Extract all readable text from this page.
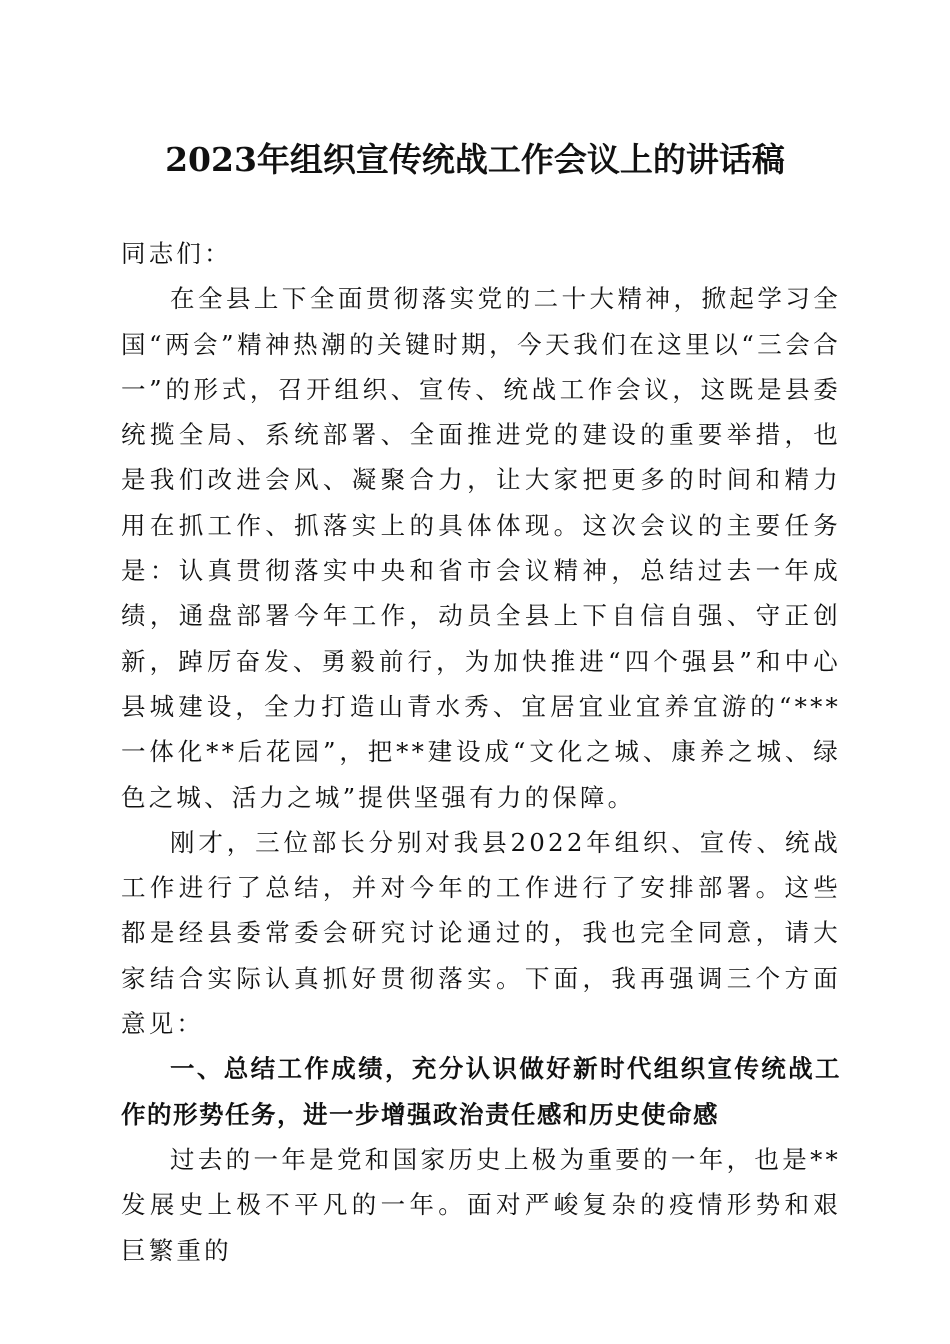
2023年组织宣传统战工作会议上的讲话稿

同志们：

在全县上下全面贯彻落实党的二十大精神，掀起学习全国“两会”精神热潮的关键时期，今天我们在这里以“三会合一”的形式，召开组织、宣传、统战工作会议，这既是县委统揽全局、系统部署、全面推进党的建设的重要举措，也是我们改进会风、凝聚合力，让大家把更多的时间和精力用在抓工作、抓落实上的具体体现。这次会议的主要任务是：认真贯彻落实中央和省市会议精神，总结过去一年成绩，通盘部署今年工作，动员全县上下自信自强、守正创新，踔厉奋发、勇毅前行，为加快推进“四个强县”和中心县城建设，全力打造山青水秀、宜居宜业宜养宜游的“***一体化**后花园”，把**建设成“文化之城、康养之城、绿色之城、活力之城”提供坚强有力的保障。

刚才，三位部长分别对我县2022年组织、宣传、统战工作进行了总结，并对今年的工作进行了安排部署。这些都是经县委常委会研究讨论通过的，我也完全同意，请大家结合实际认真抓好贯彻落实。下面，我再强调三个方面意见：

一、总结工作成绩，充分认识做好新时代组织宣传统战工作的形势任务，进一步增强政治责任感和历史使命感

过去的一年是党和国家历史上极为重要的一年，也是**发展史上极不平凡的一年。面对严峻复杂的疫情形势和艰巨繁重的
